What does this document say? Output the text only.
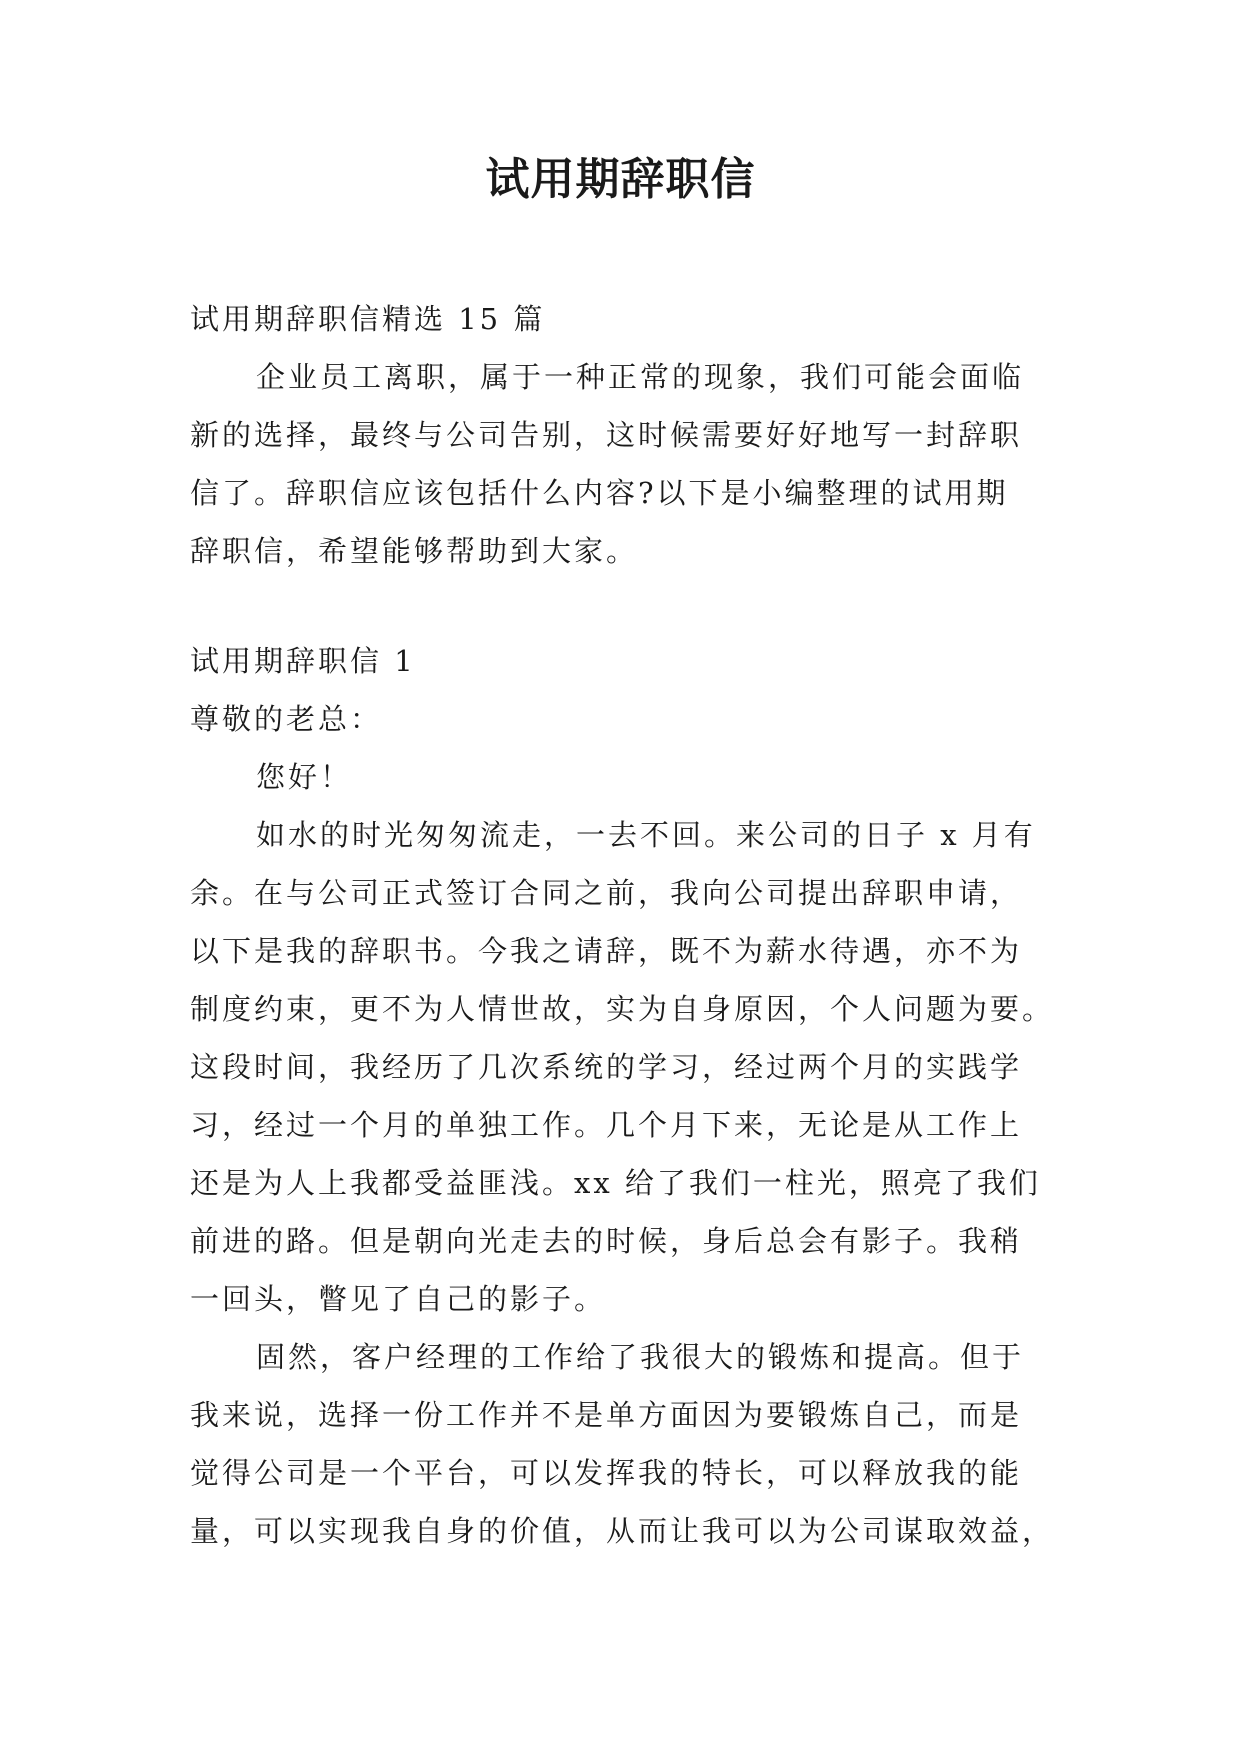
试用期辞职信
试用期辞职信精选 15 篇
企业员工离职，属于一种正常的现象，我们可能会面临
新的选择，最终与公司告别，这时候需要好好地写一封辞职
信了。辞职信应该包括什么内容?以下是小编整理的试用期
辞职信，希望能够帮助到大家。
试用期辞职信 1
尊敬的老总：
您好！
如水的时光匆匆流走，一去不回。来公司的日子 x 月有
余。在与公司正式签订合同之前，我向公司提出辞职申请，
以下是我的辞职书。今我之请辞，既不为薪水待遇，亦不为
制度约束，更不为人情世故，实为自身原因，个人问题为要。
这段时间，我经历了几次系统的学习，经过两个月的实践学
习，经过一个月的单独工作。几个月下来，无论是从工作上
还是为人上我都受益匪浅。xx 给了我们一柱光，照亮了我们
前进的路。但是朝向光走去的时候，身后总会有影子。我稍
一回头，瞥见了自己的影子。
固然，客户经理的工作给了我很大的锻炼和提高。但于
我来说，选择一份工作并不是单方面因为要锻炼自己，而是
觉得公司是一个平台，可以发挥我的特长，可以释放我的能
量，可以实现我自身的价值，从而让我可以为公司谋取效益，
